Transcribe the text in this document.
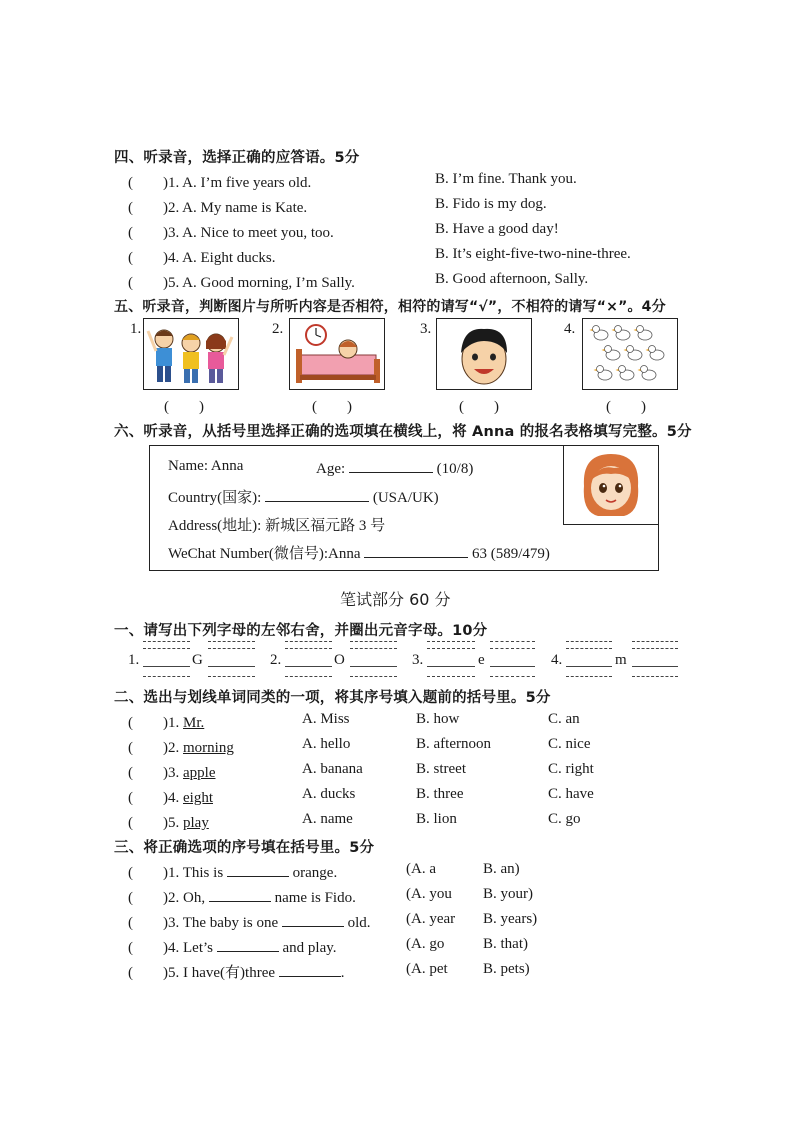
四、听录音，选择正确的应答语。5分
(　　)1. A. I’m five years old.	B. I’m fine. Thank you.
(　　)2. A. My name is Kate.	B. Fido is my dog.
(　　)3. A. Nice to meet you, too.	B. Have a good day!
(　　)4. A. Eight ducks.	B. It’s eight-five-two-nine-three.
(　　)5. A. Good morning, I’m Sally.	B. Good afternoon, Sally.
五、听录音，判断图片与所听内容是否相符，相符的请写“√”，不相符的请写“×”。4分
1.	2.	3.	4.
(　　)	(　　)	(　　)	(　　)
六、听录音，从括号里选择正确的选项填在横线上，将 Anna 的报名表格填写完整。5分
Name: Anna	Age:	(10/8)
Country(国家):	(USA/UK)
Address(地址): 新城区福元路 3 号
WeChat Number(微信号):Anna	63 (589/479)
笔试部分 60 分
一、请写出下列字母的左邻右舍，并圈出元音字母。10分
1.	G	2.	O	3.	e	4.	m
二、选出与划线单词同类的一项，将其序号填入题前的括号里。5分
(　　)1. Mr.	A. Miss	B. how	C. an
(　　)2. morning	A. hello	B. afternoon	C. nice
(　　)3. apple	A. banana	B. street	C. right
(　　)4. eight	A. ducks	B. three	C. have
(　　)5. play	A. name	B. lion	C. go
三、将正确选项的序号填在括号里。5分
(　　)1. This is	orange.	(A. a	B. an)
(　　)2. Oh,	name is Fido.	(A. you B. your)
(　　)3. The baby is one	old. (A. year B. years)
(　　)4. Let’s	and play.	(A. go	B. that)
(　　)5. I have(有)three	.	(A. pet B. pets)
